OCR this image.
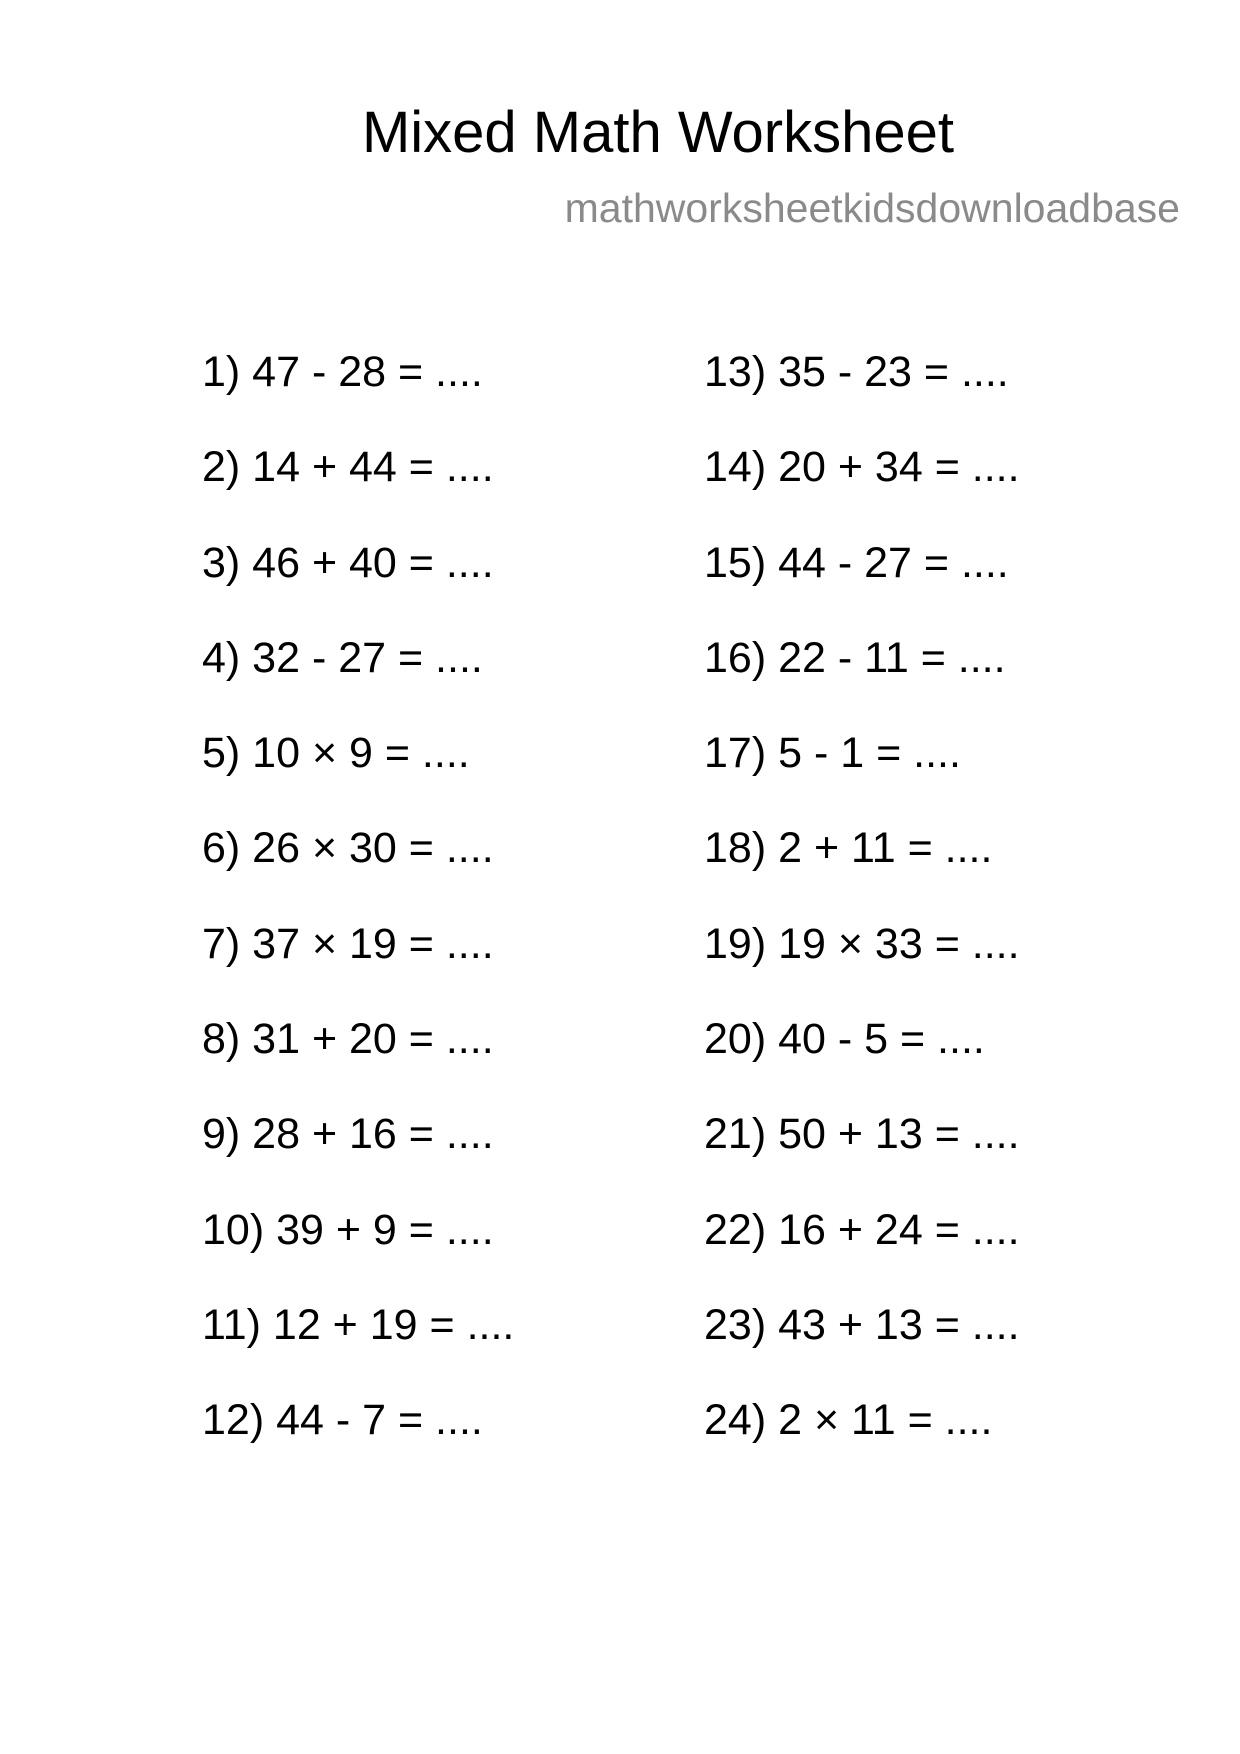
Mixed Math Worksheet
mathworksheetkidsdownloadbase
1) 47 - 28 = ....
2) 14 + 44 = ....
3) 46 + 40 = ....
4) 32 - 27 = ....
5) 10 × 9 = ....
6) 26 × 30 = ....
7) 37 × 19 = ....
8) 31 + 20 = ....
9) 28 + 16 = ....
10) 39 + 9 = ....
11) 12 + 19 = ....
12) 44 - 7 = ....
13) 35 - 23 = ....
14) 20 + 34 = ....
15) 44 - 27 = ....
16) 22 - 11 = ....
17) 5 - 1 = ....
18) 2 + 11 = ....
19) 19 × 33 = ....
20) 40 - 5 = ....
21) 50 + 13 = ....
22) 16 + 24 = ....
23) 43 + 13 = ....
24) 2 × 11 = ....
